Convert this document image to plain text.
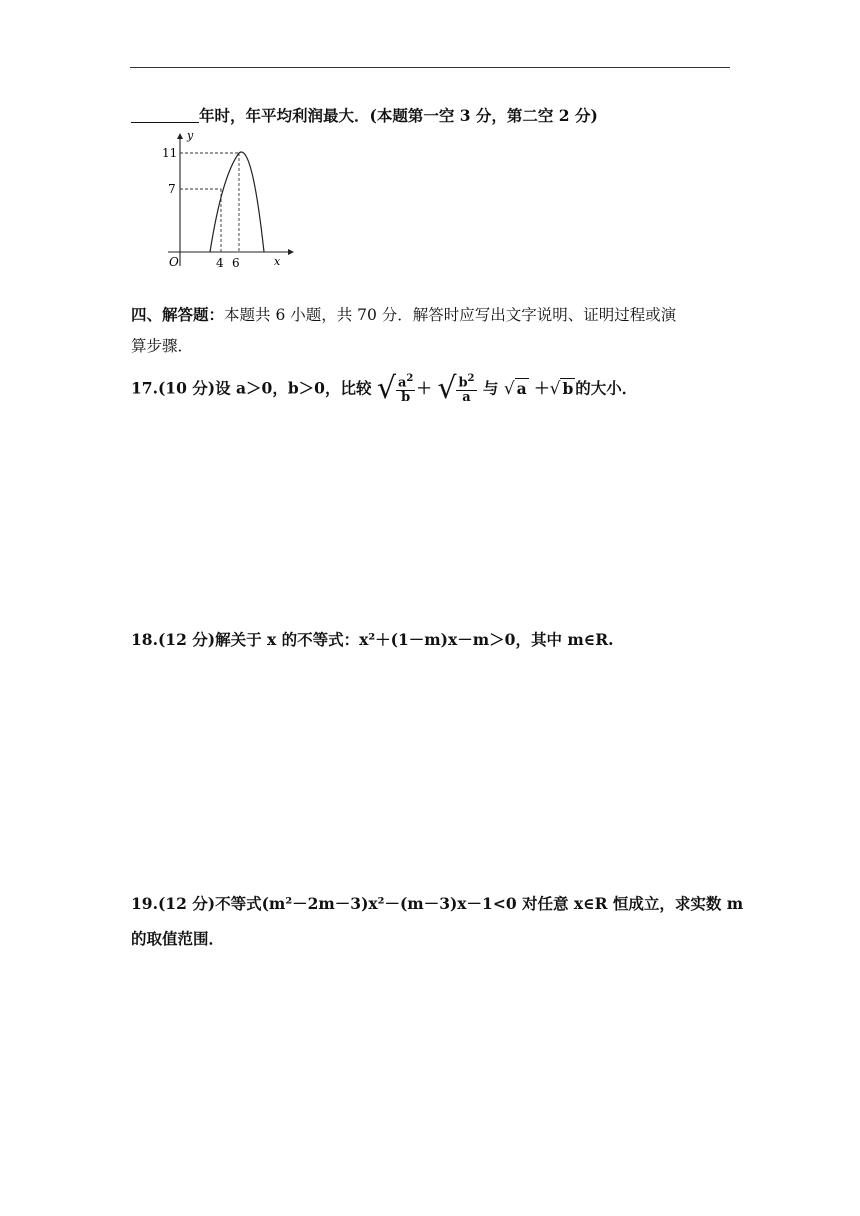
年时，年平均利润最大．(本题第一空 3 分，第二空 2 分)
y
x
O
11
7
4 6
四、解答题：本题共 6 小题，共 70 分．解答时应写出文字说明、证明过程或演
算步骤．
17.(10 分)设 a＞0，b＞0，比较 √ $\frac{a^2}{b}$ ＋ √ $\frac{b^2}{a}$ 与 √ a ＋√ b 的大小．
18.(12 分)解关于 x 的不等式：x²＋(1－m)x－m＞0，其中 m∈R.
19.(12 分)不等式(m²－2m－3)x²－(m－3)x－1<0 对任意 x∈R 恒成立，求实数 m
的取值范围．
